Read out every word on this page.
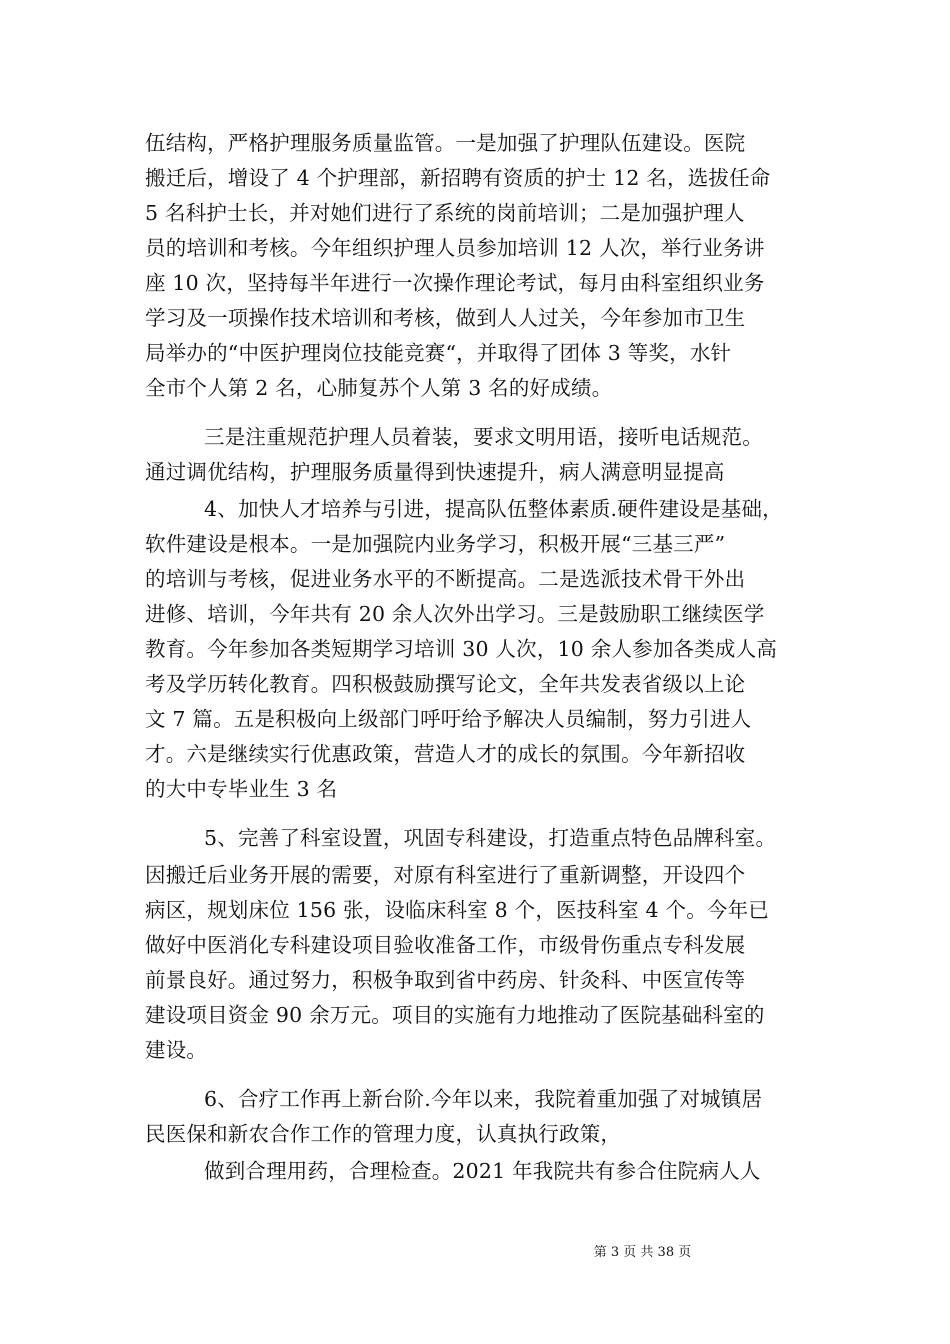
伍结构，严格护理服务质量监管。一是加强了护理队伍建设。医院
搬迁后，增设了 4 个护理部，新招聘有资质的护士 12 名，选拔任命
5 名科护士长，并对她们进行了系统的岗前培训；二是加强护理人
员的培训和考核。今年组织护理人员参加培训 12 人次，举行业务讲
座 10 次，坚持每半年进行一次操作理论考试，每月由科室组织业务
学习及一项操作技术培训和考核，做到人人过关，今年参加市卫生
局举办的“中医护理岗位技能竞赛“，并取得了团体 3 等奖，水针
全市个人第 2 名，心肺复苏个人第 3 名的好成绩。
三是注重规范护理人员着装，要求文明用语，接听电话规范。
通过调优结构，护理服务质量得到快速提升，病人满意明显提高
4、加快人才培养与引进，提高队伍整体素质.硬件建设是基础，
软件建设是根本。一是加强院内业务学习，积极开展“三基三严”
的培训与考核，促进业务水平的不断提高。二是选派技术骨干外出
进修、培训，今年共有 20 余人次外出学习。三是鼓励职工继续医学
教育。今年参加各类短期学习培训 30 人次，10 余人参加各类成人高
考及学历转化教育。四积极鼓励撰写论文，全年共发表省级以上论
文 7 篇。五是积极向上级部门呼吁给予解决人员编制，努力引进人
才。六是继续实行优惠政策，营造人才的成长的氛围。今年新招收
的大中专毕业生 3 名
5、完善了科室设置，巩固专科建设，打造重点特色品牌科室。
因搬迁后业务开展的需要，对原有科室进行了重新调整，开设四个
病区，规划床位 156 张，设临床科室 8 个，医技科室 4 个。今年已
做好中医消化专科建设项目验收准备工作，市级骨伤重点专科发展
前景良好。通过努力，积极争取到省中药房、针灸科、中医宣传等
建设项目资金 90 余万元。项目的实施有力地推动了医院基础科室的
建设。
6、合疗工作再上新台阶.今年以来，我院着重加强了对城镇居
民医保和新农合作工作的管理力度，认真执行政策，
做到合理用药，合理检查。2021 年我院共有参合住院病人人
第 3 页 共 38 页
